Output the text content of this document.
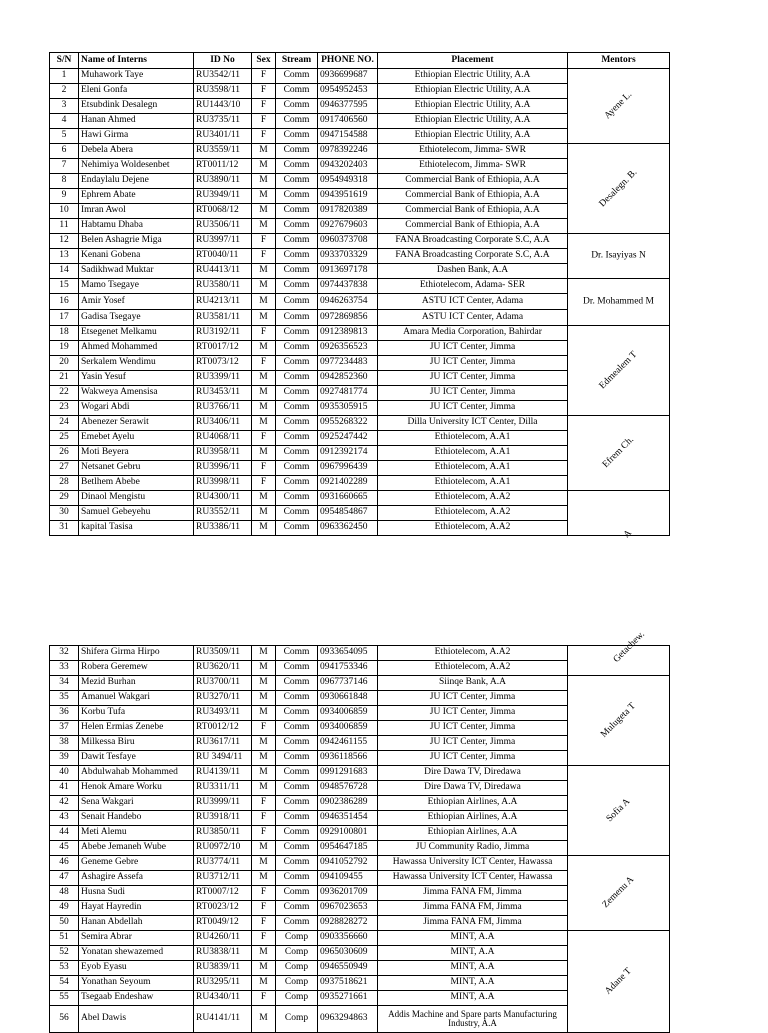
S/N	Name of Interns	ID No	Sex	Stream	PHONE NO.	Placement	Mentors
1	Muhawork Taye	RU3542/11	F	Comm	0936699687	Ethiopian Electric Utility, A.A	Ayene L.

2	Eleni Gonfa	RU3598/11	F	Comm	0954952453	Ethiopian Electric Utility, A.A	
3	Etsubdink Desalegn	RU1443/10	F	Comm	0946377595	Ethiopian Electric Utility, A.A	
4	Hanan Ahmed	RU3735/11	F	Comm	0917406560	Ethiopian Electric Utility, A.A	
5	Hawi Girma	RU3401/11	F	Comm	0947154588	Ethiopian Electric Utility, A.A	
6	Debela Abera	RU3559/11	M	Comm	0978392246	Ethiotelecom, Jimma- SWR	Desalegn. B.

7	Nehimiya Woldesenbet	RT0011/12	M	Comm	0943202403	Ethiotelecom, Jimma- SWR	
8	Endaylalu Dejene	RU3890/11	M	Comm	0954949318	Commercial Bank of Ethiopia, A.A	
9	Ephrem Abate	RU3949/11	M	Comm	0943951619	Commercial Bank of Ethiopia, A.A	
10	Imran Awol	RT0068/12	M	Comm	0917820389	Commercial Bank of Ethiopia, A.A	
11	Habtamu Dhaba	RU3506/11	M	Comm	0927679603	Commercial Bank of Ethiopia, A.A	
12	Belen Ashagrie Miga	RU3997/11	F	Comm	0960373708	FANA Broadcasting Corporate S.C, A.A	Dr. Isayiyas N

13	Kenani Gobena	RT0040/11	F	Comm	0933703329	FANA Broadcasting Corporate S.C, A.A	
14	Sadikhwad Muktar	RU4413/11	M	Comm	0913697178	Dashen Bank, A.A	
15	Mamo Tsegaye	RU3580/11	M	Comm	0974437838	Ethiotelecom, Adama- SER	Dr. Mohammed M

16	Amir Yosef	RU4213/11	M	Comm	0946263754	ASTU ICT Center, Adama	
17	Gadisa Tsegaye	RU3581/11	M	Comm	0972869856	ASTU ICT Center, Adama	
18	Etsegenet Melkamu	RU3192/11	F	Comm	0912389813	Amara Media Corporation, Bahirdar	Edmealem T

19	Ahmed Mohammed	RT0017/12	M	Comm	0926356523	JU ICT Center, Jimma	
20	Serkalem Wendimu	RT0073/12	F	Comm	0977234483	JU ICT Center, Jimma	
21	Yasin Yesuf	RU3399/11	M	Comm	0942852360	JU ICT Center, Jimma	
22	Wakweya Amensisa	RU3453/11	M	Comm	0927481774	JU ICT Center, Jimma	
23	Wogari Abdi	RU3766/11	M	Comm	0935305915	JU ICT Center, Jimma	
24	Abenezer Serawit	RU3406/11	M	Comm	0955268322	Dilla University ICT Center, Dilla	Efrem Ch.

25	Emebet Ayelu	RU4068/11	F	Comm	0925247442	Ethiotelecom, A.A1	
26	Moti Beyera	RU3958/11	M	Comm	0912392174	Ethiotelecom, A.A1	
27	Netsanet Gebru	RU3996/11	F	Comm	0967996439	Ethiotelecom, A.A1	
28	Betlhem Abebe	RU3998/11	F	Comm	0921402289	Ethiotelecom, A.A1	
29	Dinaol Mengistu	RU4300/11	M	Comm	0931660665	Ethiotelecom, A.A2	A

30	Samuel Gebeyehu	RU3552/11	M	Comm	0954854867	Ethiotelecom, A.A2	
31	kapital Tasisa	RU3386/11	M	Comm	0963362450	Ethiotelecom, A.A2	
32	Shifera Girma Hirpo	RU3509/11	M	Comm	0933654095	Ethiotelecom, A.A2	Getachew.

33	Robera Geremew	RU3620/11	M	Comm	0941753346	Ethiotelecom, A.A2	
34	Mezid Burhan	RU3700/11	M	Comm	0967737146	Siinqe Bank, A.A	Mulugeta T

35	Amanuel Wakgari	RU3270/11	M	Comm	0930661848	JU ICT Center, Jimma	
36	Korbu Tufa	RU3493/11	M	Comm	0934006859	JU ICT Center, Jimma	
37	Helen Ermias Zenebe	RT0012/12	F	Comm	0934006859	JU ICT Center, Jimma	
38	Milkessa Biru	RU3617/11	M	Comm	0942461155	JU ICT Center, Jimma	
39	Dawit Tesfaye	RU 3494/11	M	Comm	0936118566	JU ICT Center, Jimma	
40	Abdulwahab Mohammed	RU4139/11	M	Comm	0991291683	Dire Dawa TV, Diredawa	Sofia A

41	Henok Amare Worku	RU3311/11	M	Comm	0948576728	Dire Dawa TV, Diredawa	
42	Sena Wakgari	RU3999/11	F	Comm	0902386289	Ethiopian Airlines, A.A	
43	Senait Handebo	RU3918/11	F	Comm	0946351454	Ethiopian Airlines, A.A	
44	Meti Alemu	RU3850/11	F	Comm	0929100801	Ethiopian Airlines, A.A	
45	Abebe Jemaneh Wube	RU0972/10	M	Comm	0954647185	JU Community Radio, Jimma	
46	Geneme Gebre	RU3774/11	M	Comm	0941052792	Hawassa University ICT Center, Hawassa	Zemenu A

47	Ashagire Assefa	RU3712/11	M	Comm	094109455	Hawassa University ICT Center, Hawassa	
48	Husna Sudi	RT0007/12	F	Comm	0936201709	Jimma FANA FM, Jimma	
49	Hayat Hayredin	RT0023/12	F	Comm	0967023653	Jimma FANA FM, Jimma	
50	Hanan Abdellah	RT0049/12	F	Comm	0928828272	Jimma FANA FM, Jimma	
51	Semira Abrar	RU4260/11	F	Comp	0903356660	MINT, A.A	Adane T

52	Yonatan shewazemed	RU3838/11	M	Comp	0965030609	MINT, A.A	
53	Eyob Eyasu	RU3839/11	M	Comp	0946550949	MINT, A.A	
54	Yonathan Seyoum	RU3295/11	M	Comp	0937518621	MINT, A.A	
55	Tsegaab Endeshaw	RU4340/11	F	Comp	0935271661	MINT, A.A	
56	Abel Dawis	RU4141/11	M	Comp	0963294863	Addis Machine and Spare parts Manufacturing Industry, A.A	
